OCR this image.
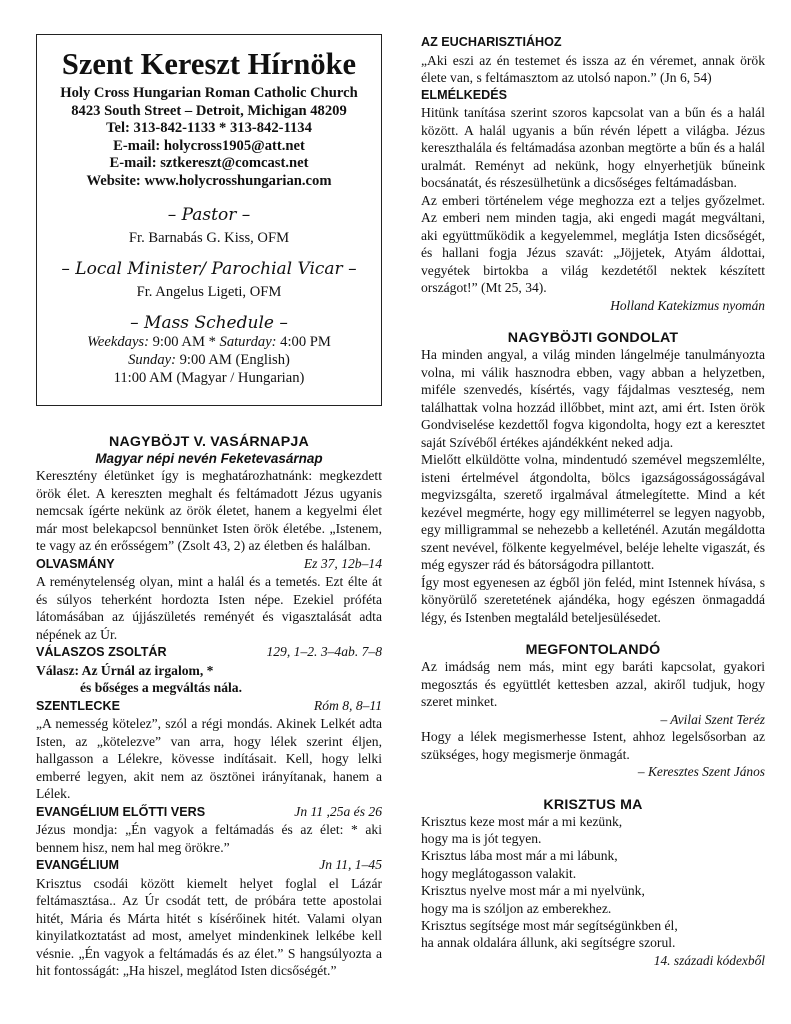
Szent Kereszt Hírnöke
Holy Cross Hungarian Roman Catholic Church
8423 South Street – Detroit, Michigan 48209
Tel: 313-842-1133 * 313-842-1134
E-mail: holycross1905@att.net
E-mail: sztkereszt@comcast.net
Website: www.holycrosshungarian.com
– Pastor –
Fr. Barnabás G. Kiss, OFM
– Local Minister/ Parochial Vicar –
Fr. Angelus Ligeti, OFM
– Mass Schedule –
Weekdays: 9:00 AM * Saturday: 4:00 PM
Sunday: 9:00 AM (English)
11:00 AM (Magyar / Hungarian)
NAGYBÖJT V. VASÁRNAPJA
Magyar népi nevén Feketevasárnap

Keresztény életünket így is meghatározhatnánk: megkezdett örök élet. A kereszten meghalt és feltámadott Jézus ugyanis nemcsak ígérte nekünk az örök életet, hanem a kegyelmi élet már most belekapcsol bennünket Isten örök életébe. „Istenem, te vagy az én erősségem” (Zsolt 43, 2) az életben és halálban.

OLVASMÁNY	Ez 37, 12b–14

A reménytelenség olyan, mint a halál és a temetés. Ezt élte át és súlyos teherként hordozta Isten népe. Ezekiel próféta látomásában az újjászületés reményét és vigasztalását adta népének az Úr.

VÁLASZOS ZSOLTÁR	129, 1–2. 3–4ab. 7–8
Válasz: Az Úrnál az irgalom, *
és bőséges a megváltás nála.
SZENTLECKE	Róm 8, 8–11

„A nemesség kötelez”, szól a régi mondás. Akinek Lelkét adta Isten, az „kötelezve” van arra, hogy lélek szerint éljen, hallgasson a Lélekre, kövesse indításait. Kell, hogy lelki emberré legyen, akit nem az ösztönei irányítanak, hanem a Lélek.

EVANGÉLIUM ELŐTTI VERS	Jn 11 ,25a és 26

Jézus mondja: „Én vagyok a feltámadás és az élet: * aki bennem hisz, nem hal meg örökre.”

EVANGÉLIUM	Jn 11, 1–45

Krisztus csodái között kiemelt helyet foglal el Lázár feltámasztása.. Az Úr csodát tett, de próbára tette apostolai hitét, Mária és Márta hitét s kísérőinek hitét. Valami olyan kinyilatkoztatást ad most, amelyet mindenkinek lelkébe kell vésnie. „Én vagyok a feltámadás és az élet.” S hangsúlyozta a hit fontosságát: „Ha hiszel, meglátod Isten dicsőségét.”

AZ EUCHARISZTIÁHOZ

„Aki eszi az én testemet és issza az én véremet, annak örök élete van, s feltámasztom az utolsó napon.” (Jn 6, 54)

ELMÉLKEDÉS

Hitünk tanítása szerint szoros kapcsolat van a bűn és a halál között. A halál ugyanis a bűn révén lépett a világba. Jézus kereszthalála és feltámadása azonban megtörte a bűn és a halál uralmát. Reményt ad nekünk, hogy elnyerhetjük bűneink bocsánatát, és részesülhetünk a dicsőséges feltámadásban.

Az emberi történelem vége meghozza ezt a teljes győzelmet. Az emberi nem minden tagja, aki engedi magát megváltani, aki együttműködik a kegyelemmel, meglátja Isten dicsőségét, és hallani fogja Jézus szavát: „Jöjjetek, Atyám áldottai, vegyétek birtokba a világ kezdetétől nektek készített országot!” (Mt 25, 34).

Holland Katekizmus nyomán
NAGYBÖJTI GONDOLAT

Ha minden angyal, a világ minden lángelméje tanulmányozta volna, mi válik hasznodra ebben, vagy abban a helyzetben, miféle szenvedés, kísértés, vagy fájdalmas veszteség, nem találhattak volna hozzád illőbbet, mint azt, ami ért. Isten örök Gondviselése kezdettől fogva kigondolta, hogy ezt a keresztet saját Szívéből értékes ajándékként neked adja.

Mielőtt elküldötte volna, mindentudó szemével megszemlélte, isteni értelmével átgondolta, bölcs igazságosságosságával megvizsgálta, szerető irgalmával átmelegítette. Mind a két kezével megmérte, hogy egy milliméterrel se legyen nagyobb, egy milligrammal se nehezebb a kelleténél. Azután megáldotta szent nevével, fölkente kegyelmével, beléje lehelte vigaszát, és még egyszer rád és bátorságodra pillantott.

Így most egyenesen az égből jön feléd, mint Istennek hívása, s könyörülő szeretetének ajándéka, hogy egészen önmagaddá légy, és Istenben megtaláld beteljesülésedet.

MEGFONTOLANDÓ

Az imádság nem más, mint egy baráti kapcsolat, gyakori megosztás és együttlét kettesben azzal, akiről tudjuk, hogy szeret minket.

– Avilai Szent Teréz

Hogy a lélek megismerhesse Istent, ahhoz legelsősorban az szükséges, hogy megismerje önmagát.

– Keresztes Szent János
KRISZTUS MA
Krisztus keze most már a mi kezünk,
hogy ma is jót tegyen.
Krisztus lába most már a mi lábunk,
hogy meglátogasson valakit.
Krisztus nyelve most már a mi nyelvünk,
hogy ma is szóljon az emberekhez.
Krisztus segítsége most már segítségünkben él,
ha annak oldalára állunk, aki segítségre szorul.
14. századi kódexből
